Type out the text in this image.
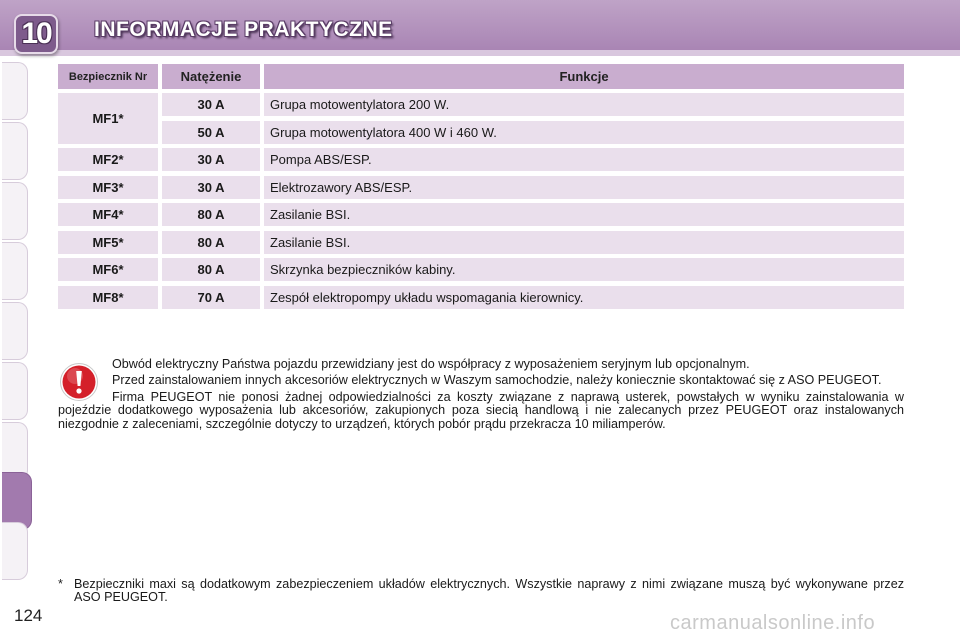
10	INFORMACJE PRAKTYCZNE
Bezpiecznik Nr	Natężenie	Funkcje
MF1*
30 A	Grupa motowentylatora 200 W.
50 A	Grupa motowentylatora 400 W i 460 W.
MF2*	30 A	Pompa ABS/ESP.
MF3*	30 A	Elektrozawory ABS/ESP.
MF4*	80 A	Zasilanie BSI.
MF5*	80 A	Zasilanie BSI.
MF6*	80 A	Skrzynka bezpieczników kabiny.
MF8*	70 A	Zespół elektropompy układu wspomagania kierownicy.

Obwód elektryczny Państwa pojazdu przewidziany jest do współpracy z wyposażeniem seryjnym lub opcjonalnym.

Przed zainstalowaniem innych akcesoriów elektrycznych w Waszym samochodzie, należy koniecznie skontaktować się z ASO PEUGEOT.

Firma PEUGEOT nie ponosi żadnej odpowiedzialności za koszty związane z naprawą usterek, powstałych w wyniku zainstalowania w pojeździe dodatkowego wyposażenia lub akcesoriów, zakupionych poza siecią handlową i nie zalecanych przez PEUGEOT oraz instalowanych niezgodnie z zaleceniami, szczególnie dotyczy to urządzeń, których pobór prądu przekracza 10 miliamperów.

* Bezpieczniki maxi są dodatkowym zabezpieczeniem układów elektrycznych. Wszystkie naprawy z nimi związane muszą być wykonywane przez ASO PEUGEOT.
124	carmanualsonline.info
